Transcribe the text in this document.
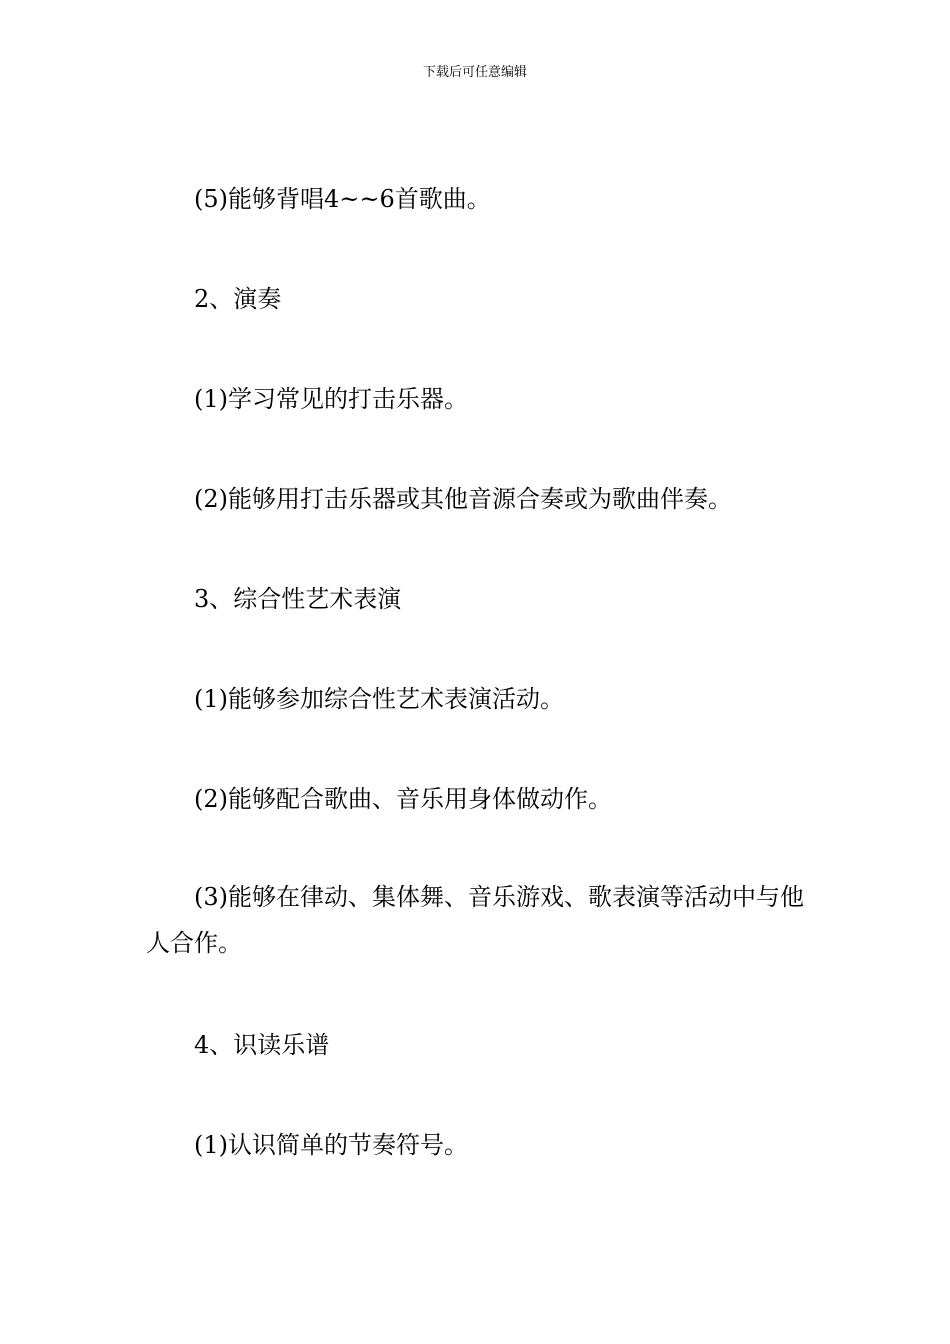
下载后可任意编辑

(5)能够背唱4~~6首歌曲。

2、演奏

(1)学习常见的打击乐器。

(2)能够用打击乐器或其他音源合奏或为歌曲伴奏。

3、综合性艺术表演

(1)能够参加综合性艺术表演活动。

(2)能够配合歌曲、音乐用身体做动作。

(3)能够在律动、集体舞、音乐游戏、歌表演等活动中与他人合作。

4、识读乐谱

(1)认识简单的节奏符号。
